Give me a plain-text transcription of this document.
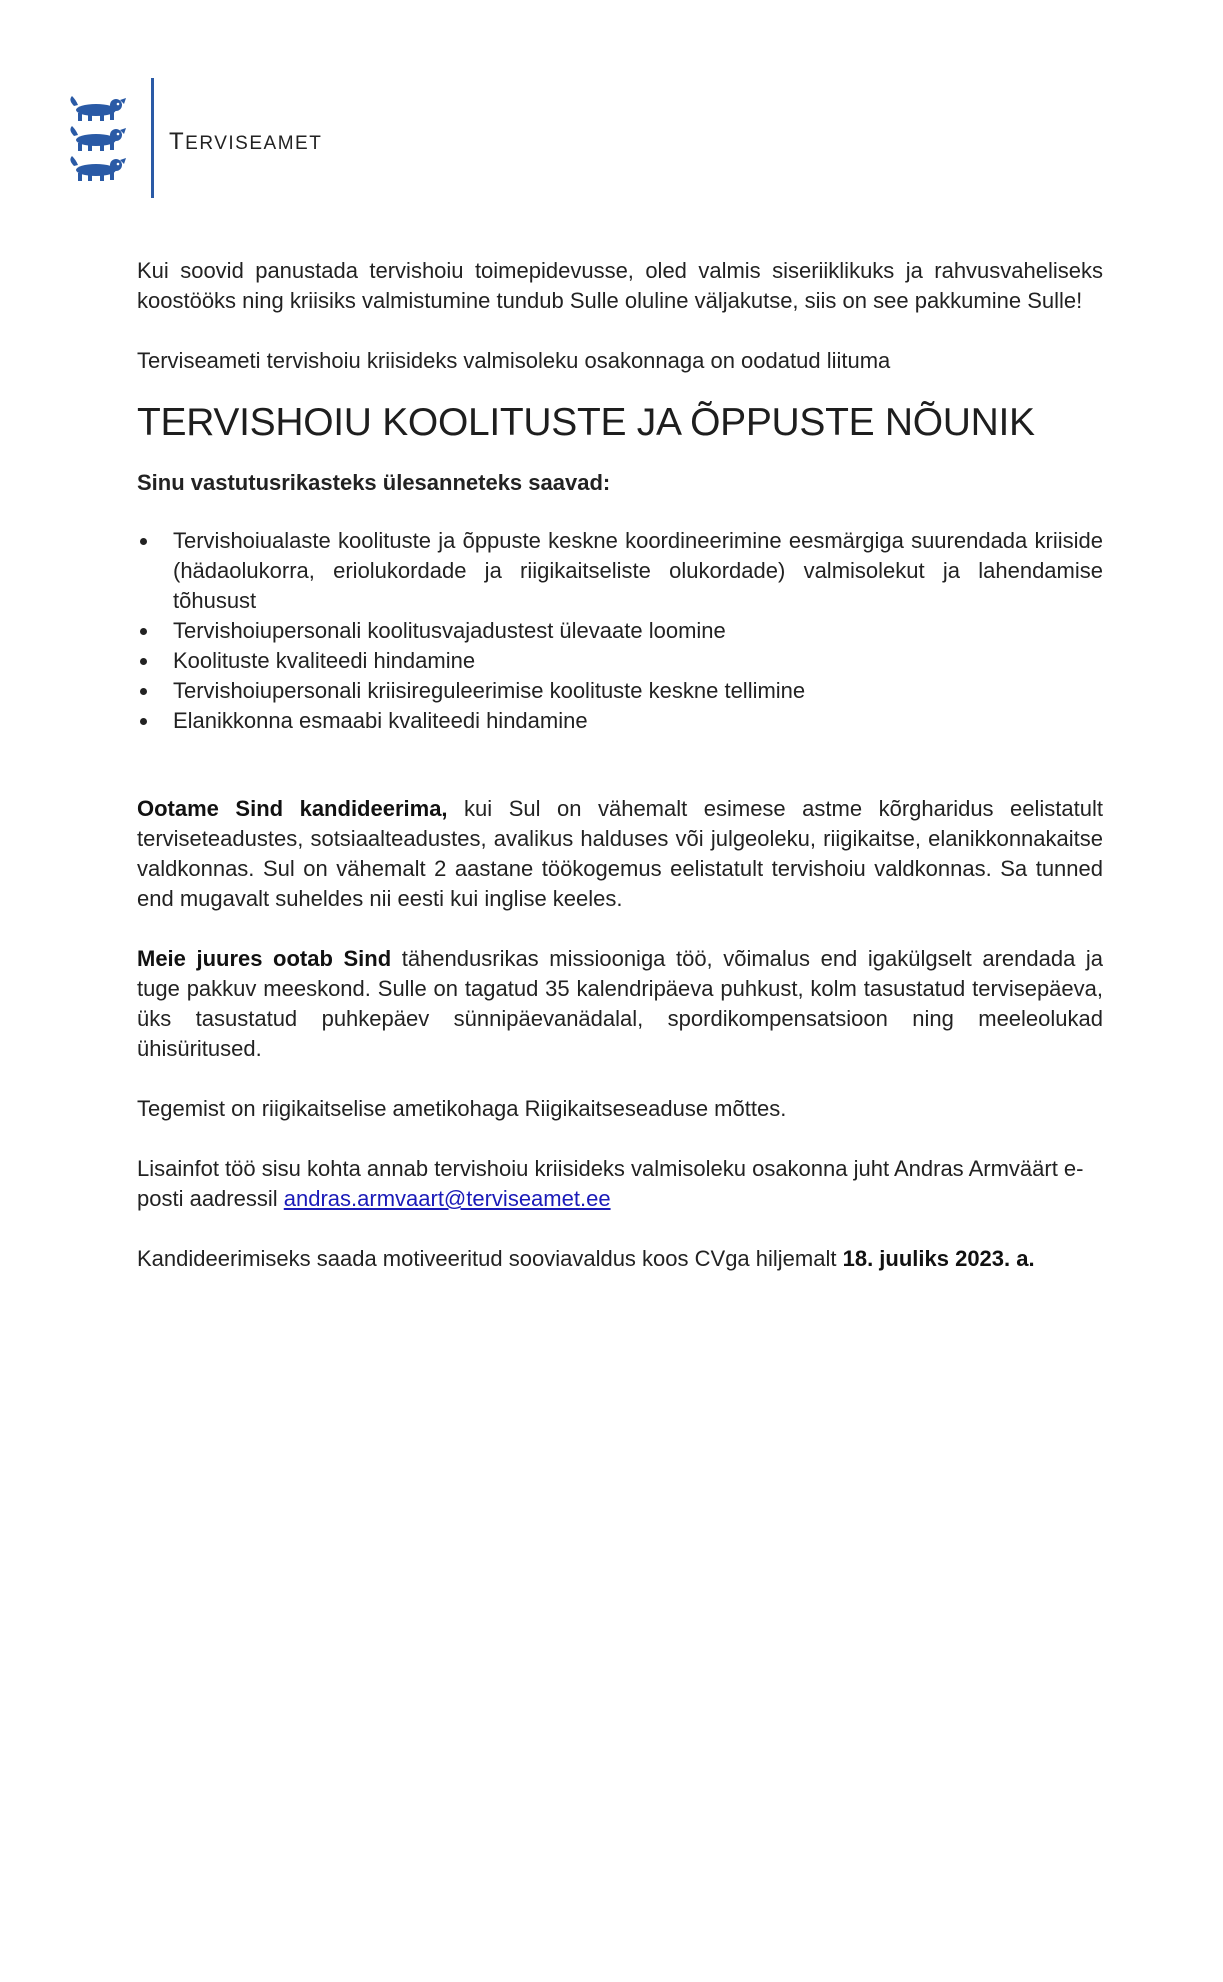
TERVISEAMET

Kui soovid panustada tervishoiu toimepidevusse, oled valmis siseriiklikuks ja rahvusvaheliseks koostööks ning kriisiks valmistumine tundub Sulle oluline väljakutse, siis on see pakkumine Sulle!

Terviseameti tervishoiu kriisideks valmisoleku osakonnaga on oodatud liituma

TERVISHOIU KOOLITUSTE JA ÕPPUSTE NÕUNIK

Sinu vastutusrikasteks ülesanneteks saavad:

Tervishoiualaste koolituste ja õppuste keskne koordineerimine eesmärgiga suurendada kriiside (hädaolukorra, eriolukordade ja riigikaitseliste olukordade) valmisolekut ja lahendamise tõhusust
Tervishoiupersonali koolitusvajadustest ülevaate loomine
Koolituste kvaliteedi hindamine
Tervishoiupersonali kriisireguleerimise koolituste keskne tellimine
Elanikkonna esmaabi kvaliteedi hindamine

Ootame Sind kandideerima, kui Sul on vähemalt esimese astme kõrgharidus eelistatult terviseteadustes, sotsiaalteadustes, avalikus halduses või julgeoleku, riigikaitse, elanikkonnakaitse valdkonnas. Sul on vähemalt 2 aastane töökogemus eelistatult tervishoiu valdkonnas. Sa tunned end mugavalt suheldes nii eesti kui inglise keeles.

Meie juures ootab Sind tähendusrikas missiooniga töö, võimalus end igakülgselt arendada ja tuge pakkuv meeskond. Sulle on tagatud 35 kalendripäeva puhkust, kolm tasustatud tervisepäeva, üks tasustatud puhkepäev sünnipäevanädalal, spordikompensatsioon ning meeleolukad ühisüritused.

Tegemist on riigikaitselise ametikohaga Riigikaitseseaduse mõttes.

Lisainfot töö sisu kohta annab tervishoiu kriisideks valmisoleku osakonna juht Andras Armväärt e-posti aadressil andras.armvaart@terviseamet.ee

Kandideerimiseks saada motiveeritud sooviavaldus koos CVga hiljemalt 18. juuliks 2023. a.
